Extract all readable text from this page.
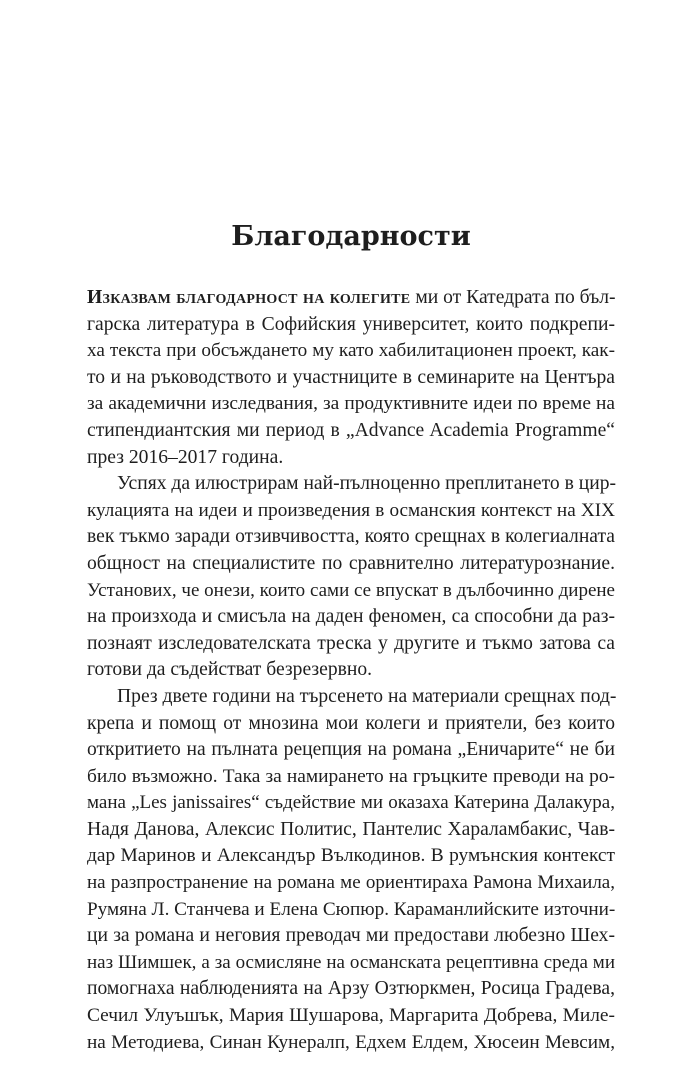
Благодарности
Изказвам благодарност на колегите ми от Катедрата по бъл-
гарска литература в Софийския университет, които подкрепи-
ха текста при обсъждането му като хабилитационен проект, как-
то и на ръководството и участниците в семинарите на Центъра
за академични изследвания, за продуктивните идеи по време на
стипендиантския ми период в „Advance Academia Programme“
през 2016–2017 година.
Успях да илюстрирам най-пълноценно преплитането в цир-
кулацията на идеи и произведения в османския контекст на XIX
век тъкмо заради отзивчивостта, която срещнах в колегиалната
общност на специалистите по сравнително литературознание.
Установих, че онези, които сами се впускат в дълбочинно дирене
на произхода и смисъла на даден феномен, са способни да раз-
познаят изследователската треска у другите и тъкмо затова са
готови да съдействат безрезервно.
През двете години на търсенето на материали срещнах под-
крепа и помощ от мнозина мои колеги и приятели, без които
откритието на пълната рецепция на романа „Еничарите“ не би
било възможно. Така за намирането на гръцките преводи на ро-
мана „Les janissaires“ съдействие ми оказаха Катерина Далакура,
Надя Данова, Алексис Политис, Пантелис Хараламбакис, Чав-
дар Маринов и Александър Вълкодинов. В румънския контекст
на разпространение на романа ме ориентираха Рамона Михаила,
Румяна Л. Станчева и Елена Сюпюр. Караманлийските източни-
ци за романа и неговия преводач ми предостави любезно Шех-
наз Шимшек, а за осмисляне на османската рецептивна среда ми
помогнаха наблюденията на Арзу Озтюркмен, Росица Градева,
Сечил Улуъшък, Мария Шушарова, Маргарита Добрева, Миле-
на Методиева, Синан Кунералп, Едхем Елдем, Хюсеин Мевсим,
